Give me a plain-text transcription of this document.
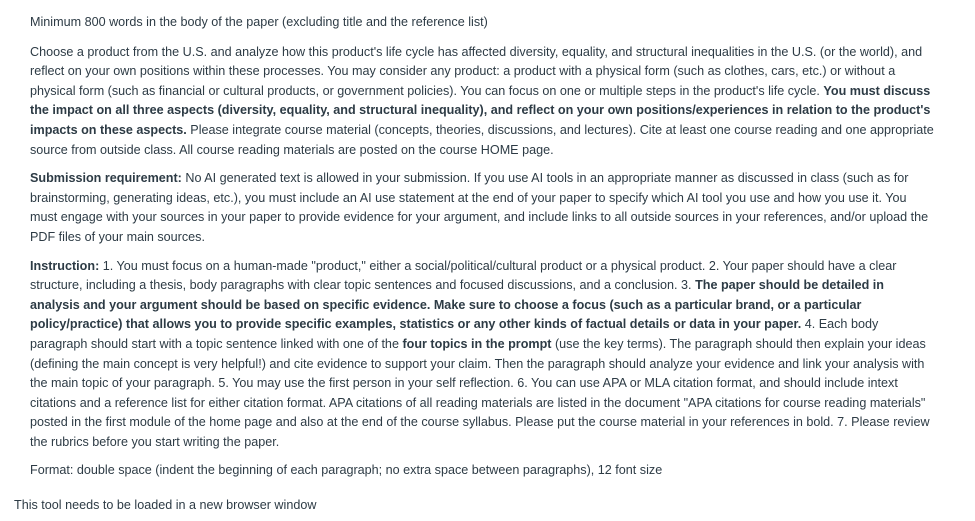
Minimum 800 words in the body of the paper (excluding title and the reference list)

Choose a product from the U.S. and analyze how this product's life cycle has affected diversity, equality, and structural inequalities in the U.S. (or the world), and reflect on your own positions within these processes. You may consider any product: a product with a physical form (such as clothes, cars, etc.) or without a physical form (such as financial or cultural products, or government policies). You can focus on one or multiple steps in the product's life cycle. You must discuss the impact on all three aspects (diversity, equality, and structural inequality), and reflect on your own positions/experiences in relation to the product's impacts on these aspects. Please integrate course material (concepts, theories, discussions, and lectures). Cite at least one course reading and one appropriate source from outside class. All course reading materials are posted on the course HOME page.

Submission requirement: No AI generated text is allowed in your submission. If you use AI tools in an appropriate manner as discussed in class (such as for brainstorming, generating ideas, etc.), you must include an AI use statement at the end of your paper to specify which AI tool you use and how you use it. You must engage with your sources in your paper to provide evidence for your argument, and include links to all outside sources in your references, and/or upload the PDF files of your main sources.

Instruction: 1. You must focus on a human-made "product," either a social/political/cultural product or a physical product. 2. Your paper should have a clear structure, including a thesis, body paragraphs with clear topic sentences and focused discussions, and a conclusion. 3. The paper should be detailed in analysis and your argument should be based on specific evidence. Make sure to choose a focus (such as a particular brand, or a particular policy/practice) that allows you to provide specific examples, statistics or any other kinds of factual details or data in your paper. 4. Each body paragraph should start with a topic sentence linked with one of the four topics in the prompt (use the key terms). The paragraph should then explain your ideas (defining the main concept is very helpful!) and cite evidence to support your claim. Then the paragraph should analyze your evidence and link your analysis with the main topic of your paragraph. 5. You may use the first person in your self reflection. 6. You can use APA or MLA citation format, and should include intext citations and a reference list for either citation format. APA citations of all reading materials are listed in the document "APA citations for course reading materials" posted in the first module of the home page and also at the end of the course syllabus. Please put the course material in your references in bold. 7. Please review the rubrics before you start writing the paper.

Format: double space (indent the beginning of each paragraph; no extra space between paragraphs), 12 font size

This tool needs to be loaded in a new browser window
